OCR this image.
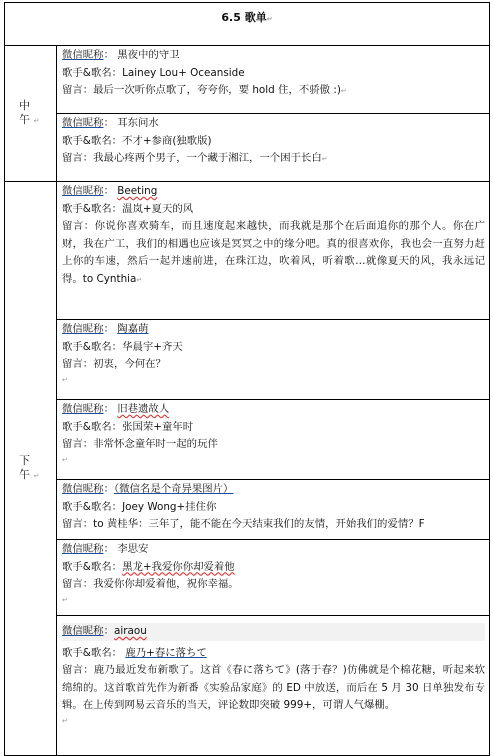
6.5 歌单↵	
中午 ↵	微信昵称： 黑夜中的守卫
歌手&歌名：Lainey Lou+ Oceanside
留言：最后一次听你点歌了，夸夸你，要 hold 住，不骄傲 :)↵

	微信昵称： 耳东问水
歌手&歌名：不才+参商(独歌版)
留言：我最心疼两个男子，一个藏于湘江，一个困于长白↵

下午 ↵	微信昵称： Beeting
歌手&歌名：温岚+夏天的风
留言：你说你喜欢骑车，而且速度起来越快，而我就是那个在后面追你的那个人。你在广财，我在广工，我们的相遇也应该是冥冥之中的缘分吧。真的很喜欢你，我也会一直努力赶上你的车速，然后一起并速前进，在珠江边，吹着风，听着歌…就像夏天的风，我永远记得。to Cynthia↵

	微信昵称： 陶嘉萌
歌手&歌名：华晨宇+齐天
留言：初衷，今何在？
↵

	微信昵称： 旧巷遗故人
歌手&歌名：张国荣+童年时
留言：非常怀念童年时一起的玩伴
↵

	微信昵称：（微信名是个奇异果图片）
歌手&歌名：Joey Wong+挂住你
留言：to 黄桂华：三年了，能不能在今天结束我们的友情，开始我们的爱情？F

	微信昵称： 李思安
歌手&歌名：黑龙+我爱你你却爱着他
留言：我爱你你却爱着他，祝你幸福。
↵

	微信昵称：airaou
歌手&歌名： 鹿乃+春に落ちて
留言：鹿乃最近发布新歌了。这首《春に落ちて》(落于春？)仿佛就是个棉花糖，听起来软绵绵的。这首歌首先作为新番《实验品家庭》的 ED 中放送，而后在 5 月 30 日单独发布专辑。在上传到网易云音乐的当天，评论数即突破 999+，可谓人气爆棚。
↵
